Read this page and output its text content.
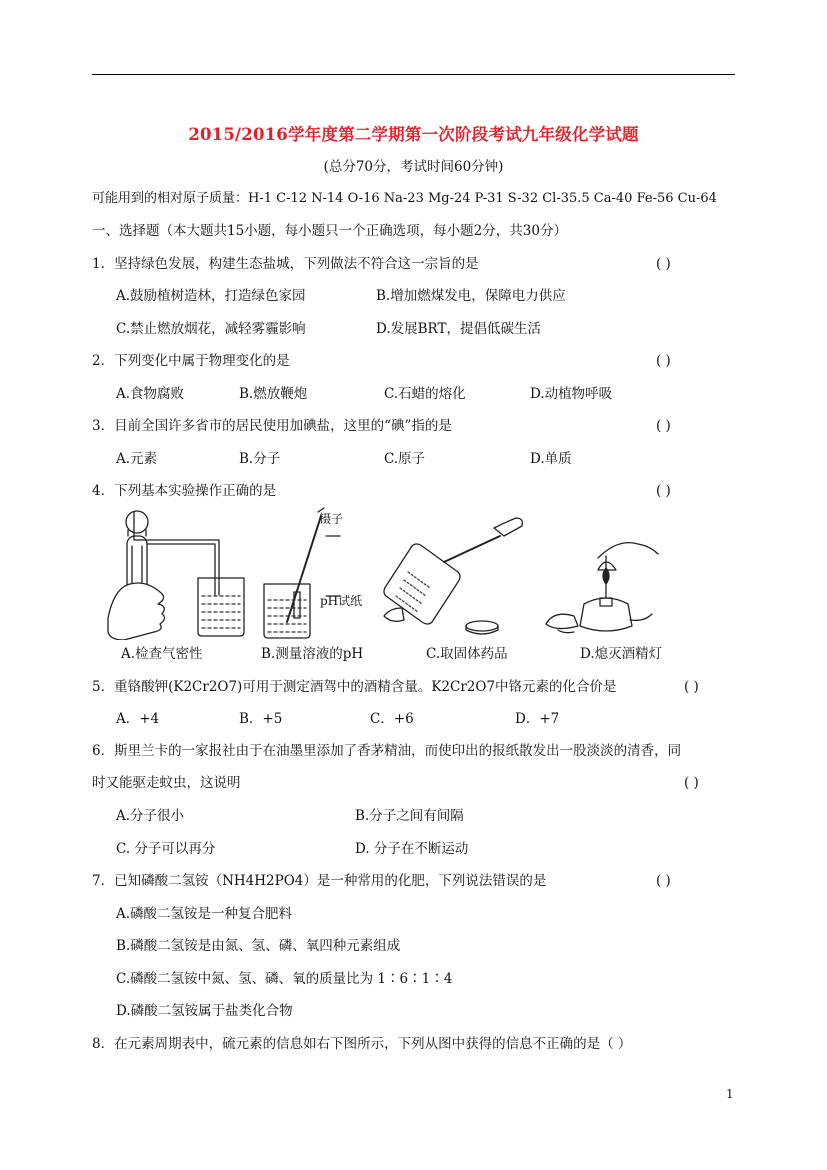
2015/2016学年度第二学期第一次阶段考试九年级化学试题
(总分70分，考试时间60分钟)
可能用到的相对原子质量：H-1 C-12 N-14 O-16 Na-23 Mg-24 P-31 S-32 Cl-35.5 Ca-40 Fe-56 Cu-64
一、选择题（本大题共15小题，每小题只一个正确选项，每小题2分，共30分）
1．坚持绿色发展，构建生态盐城，下列做法不符合这一宗旨的是	( )
A.鼓励植树造林，打造绿色家园	B.增加燃煤发电，保障电力供应
C.禁止燃放烟花，减轻雾霾影响	D.发展BRT，提倡低碳生活
2．下列变化中属于物理变化的是	( )
A.食物腐败	B.燃放鞭炮	C.石蜡的熔化	D.动植物呼吸
3．目前全国许多省市的居民使用加碘盐，这里的“碘”指的是	( )
A.元素	B.分子	C.原子	D.单质
4．下列基本实验操作正确的是	( )
镊子
pH试纸
A.检查气密性	B.测量溶液的pH	C.取固体药品	D.熄灭酒精灯
5．重铬酸钾(K2Cr2O7)可用于测定酒驾中的酒精含量。K2Cr2O7中铬元素的化合价是	( )
A．+4	B．+5	C．+6	D．+7
6．斯里兰卡的一家报社由于在油墨里添加了香茅精油，而使印出的报纸散发出一股淡淡的清香，同
时又能驱走蚊虫，这说明	( )
A.分子很小	B.分子之间有间隔
C. 分子可以再分	D. 分子在不断运动
7．已知磷酸二氢铵（NH4H2PO4）是一种常用的化肥，下列说法错误的是	( )
A.磷酸二氢铵是一种复合肥料
B.磷酸二氢铵是由氮、氢、磷、氧四种元素组成
C.磷酸二氢铵中氮、氢、磷、氧的质量比为 1∶6∶1∶4
D.磷酸二氢铵属于盐类化合物
8．在元素周期表中，硫元素的信息如右下图所示，下列从图中获得的信息不正确的是（ ）
1
